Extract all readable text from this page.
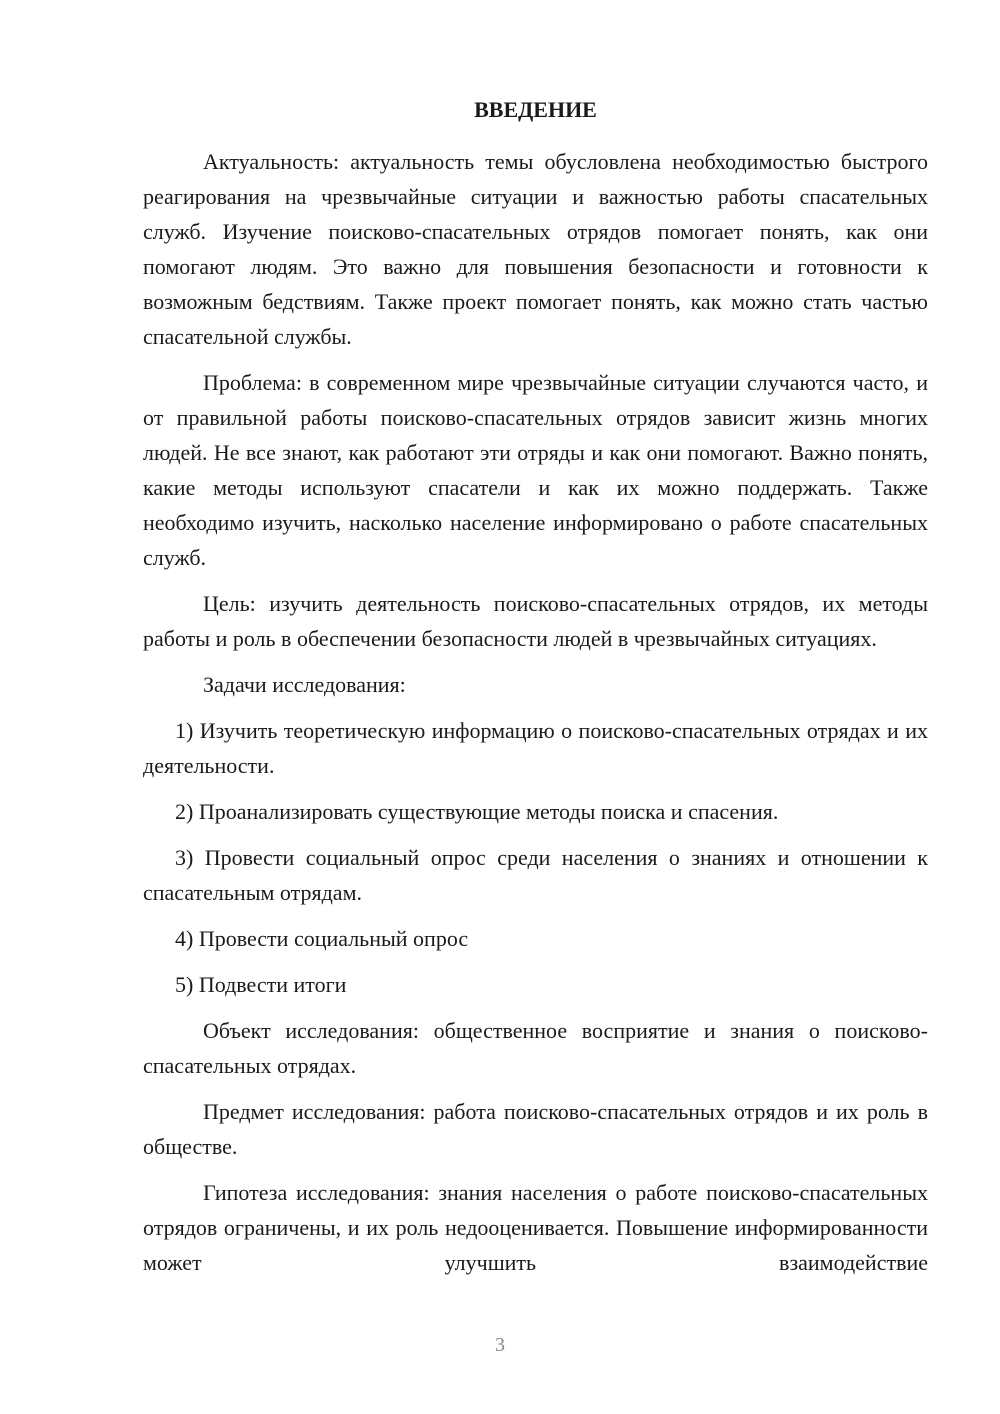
ВВЕДЕНИЕ

Актуальность: актуальность темы обусловлена необходимостью быстрого реагирования на чрезвычайные ситуации и важностью работы спасательных служб. Изучение поисково-спасательных отрядов помогает понять, как они помогают людям. Это важно для повышения безопасности и готовности к возможным бедствиям. Также проект помогает понять, как можно стать частью спасательной службы.

Проблема: в современном мире чрезвычайные ситуации случаются часто, и от правильной работы поисково-спасательных отрядов зависит жизнь многих людей. Не все знают, как работают эти отряды и как они помогают. Важно понять, какие методы используют спасатели и как их можно поддержать. Также необходимо изучить, насколько население информировано о работе спасательных служб.

Цель: изучить деятельность поисково-спасательных отрядов, их методы работы и роль в обеспечении безопасности людей в чрезвычайных ситуациях.

Задачи исследования:

1) Изучить теоретическую информацию о поисково-спасательных отрядах и их деятельности.

2) Проанализировать существующие методы поиска и спасения.

3) Провести социальный опрос среди населения о знаниях и отношении к спасательным отрядам.

4) Провести социальный опрос

5) Подвести итоги

Объект исследования: общественное восприятие и знания о поисково-спасательных отрядах.

Предмет исследования: работа поисково-спасательных отрядов и их роль в обществе.

Гипотеза исследования: знания населения о работе поисково-спасательных отрядов ограничены, и их роль недооценивается. Повышение информированности может улучшить взаимодействие

3
